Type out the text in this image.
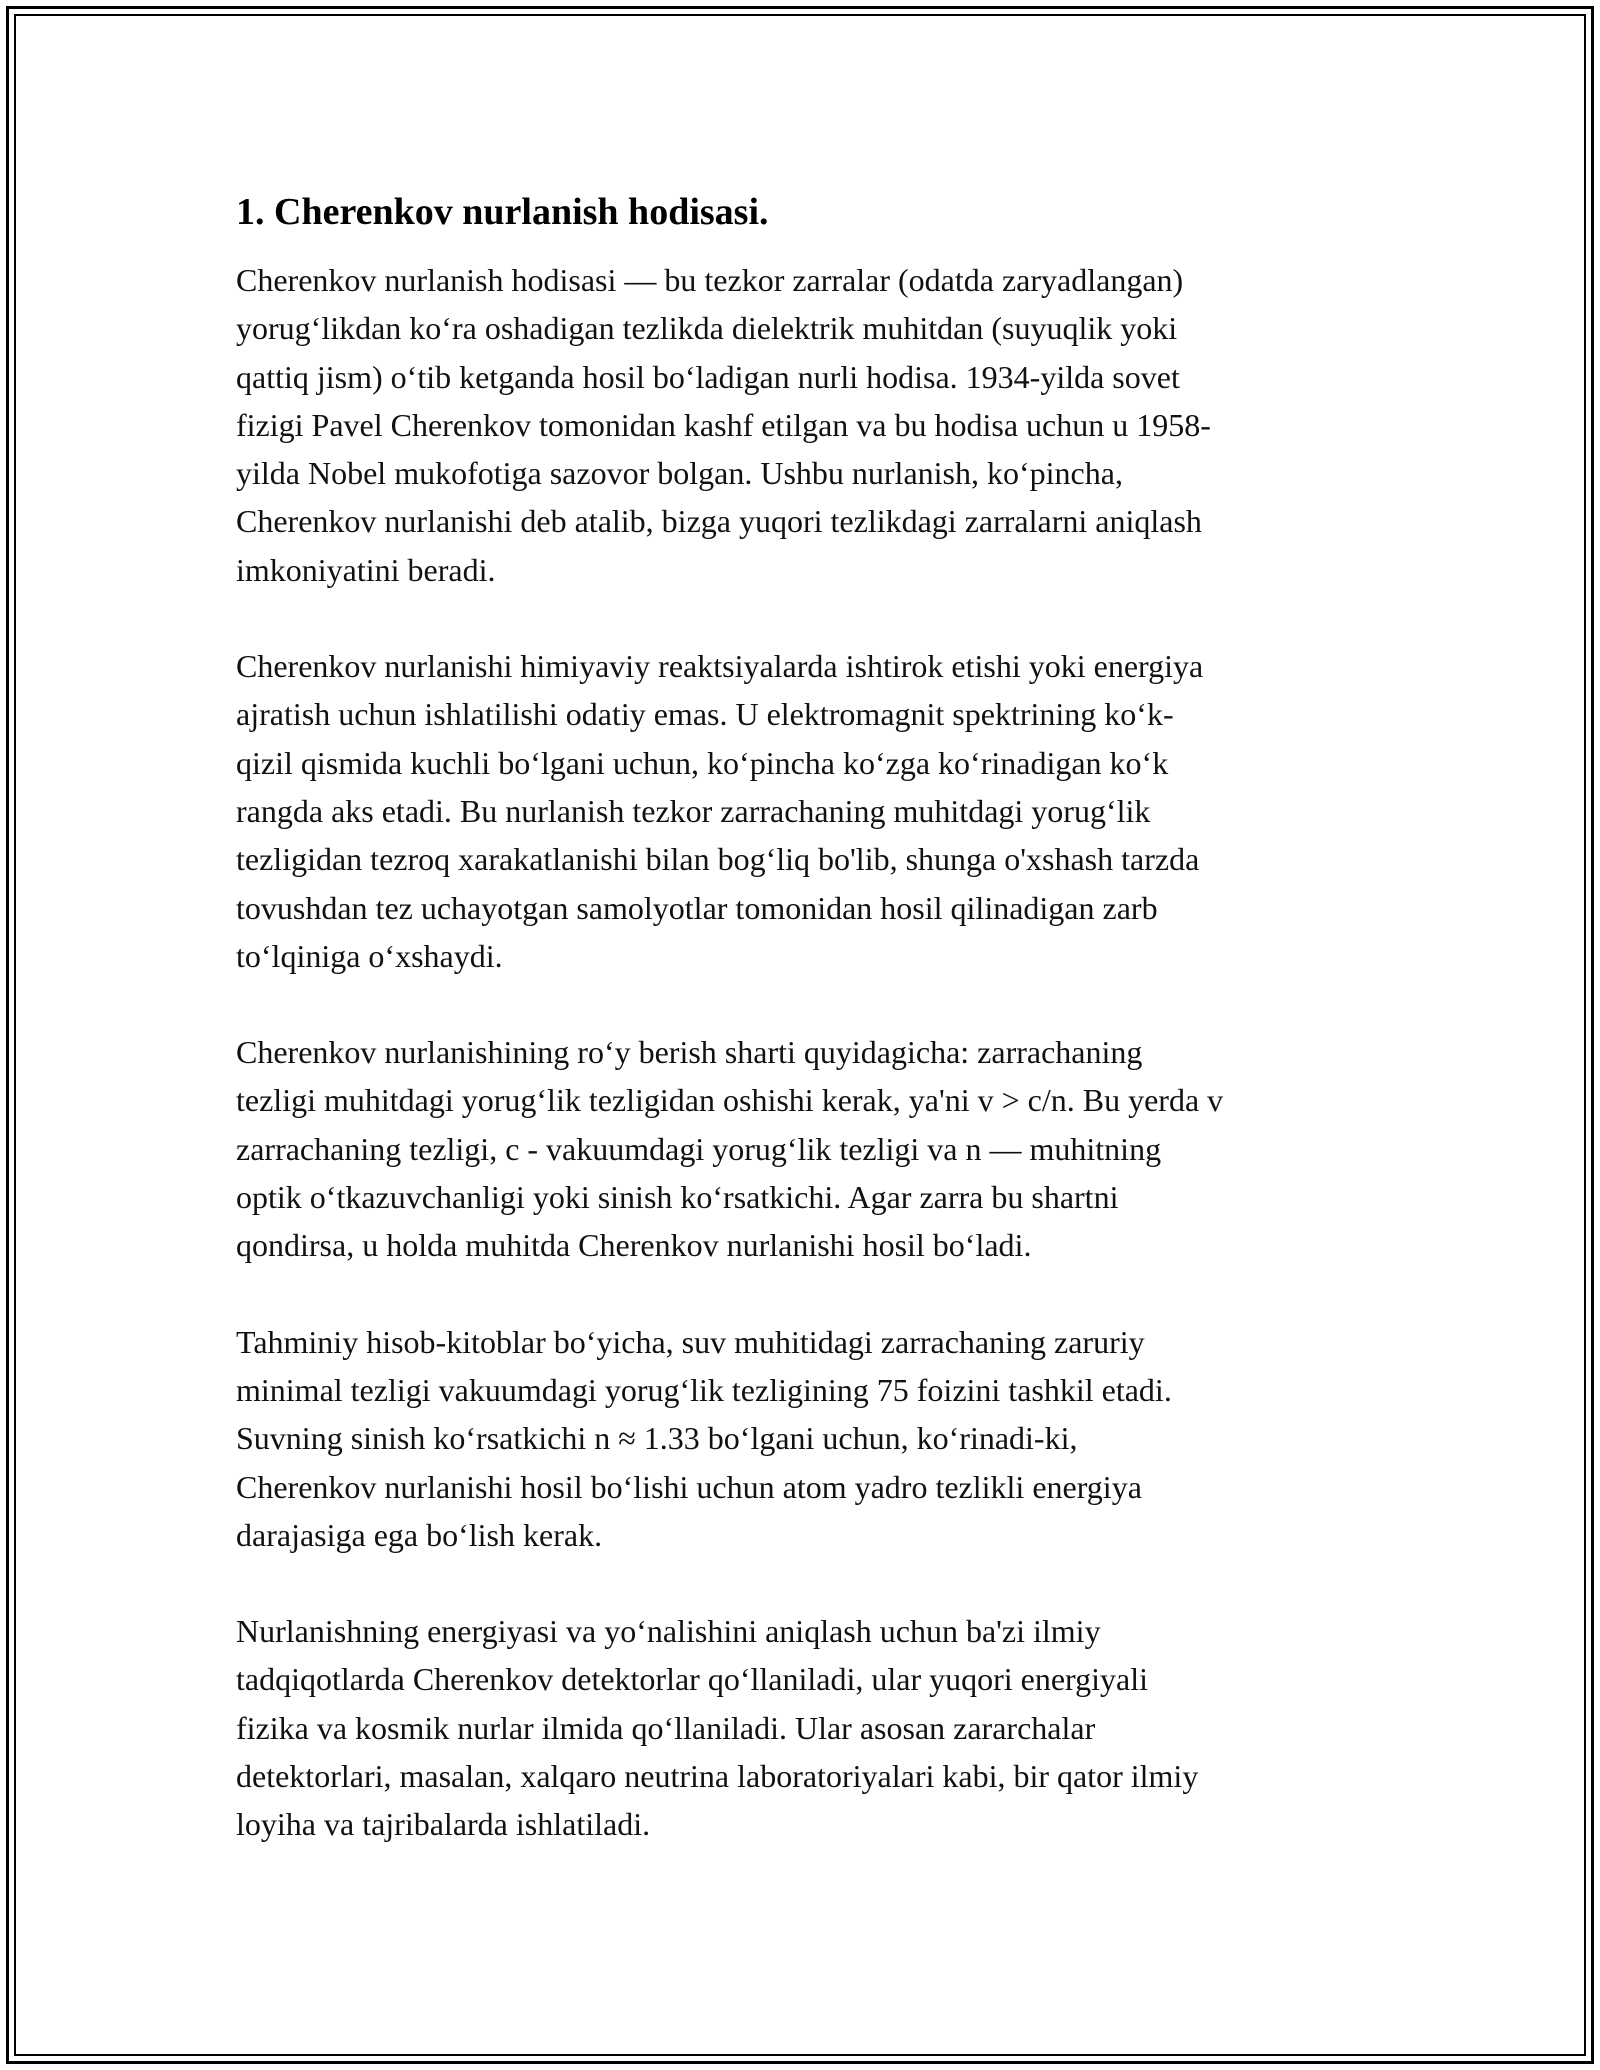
1. Cherenkov nurlanish hodisasi.

Cherenkov nurlanish hodisasi — bu tezkor zarralar (odatda zaryadlangan)
yorug‘likdan ko‘ra oshadigan tezlikda dielektrik muhitdan (suyuqlik yoki
qattiq jism) o‘tib ketganda hosil bo‘ladigan nurli hodisa. 1934-yilda sovet
fizigi Pavel Cherenkov tomonidan kashf etilgan va bu hodisa uchun u 1958-
yilda Nobel mukofotiga sazovor bolgan. Ushbu nurlanish, ko‘pincha,
Cherenkov nurlanishi deb atalib, bizga yuqori tezlikdagi zarralarni aniqlash
imkoniyatini beradi.

Cherenkov nurlanishi himiyaviy reaktsiyalarda ishtirok etishi yoki energiya
ajratish uchun ishlatilishi odatiy emas. U elektromagnit spektrining ko‘k-
qizil qismida kuchli bo‘lgani uchun, ko‘pincha ko‘zga ko‘rinadigan ko‘k
rangda aks etadi. Bu nurlanish tezkor zarrachaning muhitdagi yorug‘lik
tezligidan tezroq xarakatlanishi bilan bog‘liq bo'lib, shunga o'xshash tarzda
tovushdan tez uchayotgan samolyotlar tomonidan hosil qilinadigan zarb
to‘lqiniga o‘xshaydi.

Cherenkov nurlanishining ro‘y berish sharti quyidagicha: zarrachaning
tezligi muhitdagi yorug‘lik tezligidan oshishi kerak, ya'ni v > c/n. Bu yerda v
zarrachaning tezligi, c - vakuumdagi yorug‘lik tezligi va n — muhitning
optik o‘tkazuvchanligi yoki sinish ko‘rsatkichi. Agar zarra bu shartni
qondirsa, u holda muhitda Cherenkov nurlanishi hosil bo‘ladi.

Tahminiy hisob-kitoblar bo‘yicha, suv muhitidagi zarrachaning zaruriy
minimal tezligi vakuumdagi yorug‘lik tezligining 75 foizini tashkil etadi.
Suvning sinish ko‘rsatkichi n ≈ 1.33 bo‘lgani uchun, ko‘rinadi-ki,
Cherenkov nurlanishi hosil bo‘lishi uchun atom yadro tezlikli energiya
darajasiga ega bo‘lish kerak.

Nurlanishning energiyasi va yo‘nalishini aniqlash uchun ba'zi ilmiy
tadqiqotlarda Cherenkov detektorlar qo‘llaniladi, ular yuqori energiyali
fizika va kosmik nurlar ilmida qo‘llaniladi. Ular asosan zararchalar
detektorlari, masalan, xalqaro neutrina laboratoriyalari kabi, bir qator ilmiy
loyiha va tajribalarda ishlatiladi.
